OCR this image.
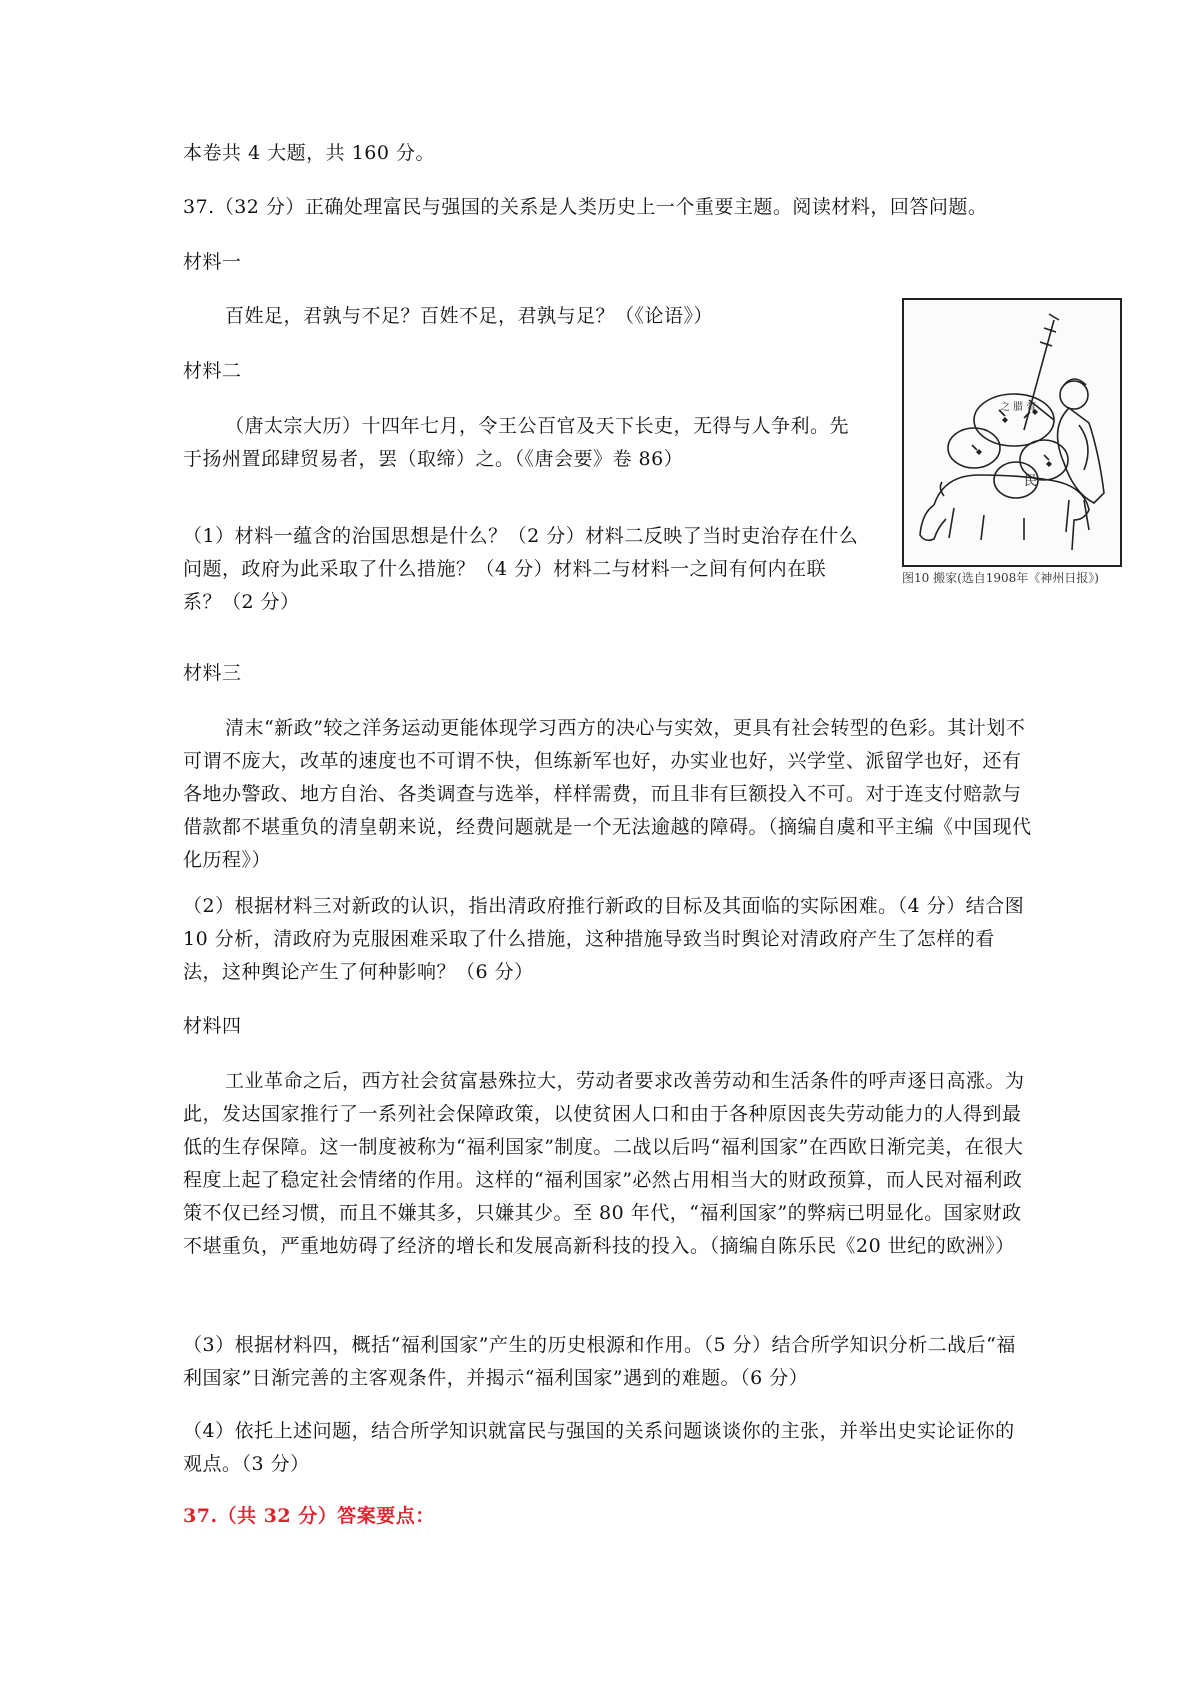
本卷共 4 大题，共 160 分。
37.（32 分）正确处理富民与强国的关系是人类历史上一个重要主题。阅读材料，回答问题。
材料一
百姓足，君孰与不足？百姓不足，君孰与足？（《论语》）
材料二

（唐太宗大历）十四年七月，令王公百官及天下长吏，无得与人争利。先于扬州置邱肆贸易者，罢（取缔）之。（《唐会要》卷 86）

（1）材料一蕴含的治国思想是什么？（2 分）材料二反映了当时吏治存在什么问题，政府为此采取了什么措施？（4 分）材料二与材料一之间有何内在联系？（2 分）

材料三

清末“新政”较之洋务运动更能体现学习西方的决心与实效，更具有社会转型的色彩。其计划不可谓不庞大，改革的速度也不可谓不快，但练新军也好，办实业也好，兴学堂、派留学也好，还有各地办警政、地方自治、各类调查与选举，样样需费，而且非有巨额投入不可。对于连支付赔款与借款都不堪重负的清皇朝来说，经费问题就是一个无法逾越的障碍。（摘编自虞和平主编《中国现代化历程》）

（2）根据材料三对新政的认识，指出清政府推行新政的目标及其面临的实际困难。（4 分）结合图 10 分析，清政府为克服困难采取了什么措施，这种措施导致当时舆论对清政府产生了怎样的看法，这种舆论产生了何种影响？（6 分）

材料四

工业革命之后，西方社会贫富悬殊拉大，劳动者要求改善劳动和生活条件的呼声逐日高涨。为此，发达国家推行了一系列社会保障政策，以使贫困人口和由于各种原因丧失劳动能力的人得到最低的生存保障。这一制度被称为“福利国家”制度。二战以后吗“福利国家”在西欧日渐完美，在很大程度上起了稳定社会情绪的作用。这样的“福利国家”必然占用相当大的财政预算，而人民对福利政策不仅已经习惯，而且不嫌其多，只嫌其少。至 80 年代，“福利国家”的弊病已明显化。国家财政不堪重负，严重地妨碍了经济的增长和发展高新科技的投入。（摘编自陈乐民《20 世纪的欧洲》）

（3）根据材料四，概括“福利国家”产生的历史根源和作用。（5 分）结合所学知识分析二战后“福利国家”日渐完善的主客观条件，并揭示“福利国家”遇到的难题。（6 分）

（4）依托上述问题，结合所学知识就富民与强国的关系问题谈谈你的主张，并举出史实论证你的观点。（3 分）

37.（共 32 分）答案要点：
之 腊 膏
民
图10 搬家(选自1908年《神州日报》)
